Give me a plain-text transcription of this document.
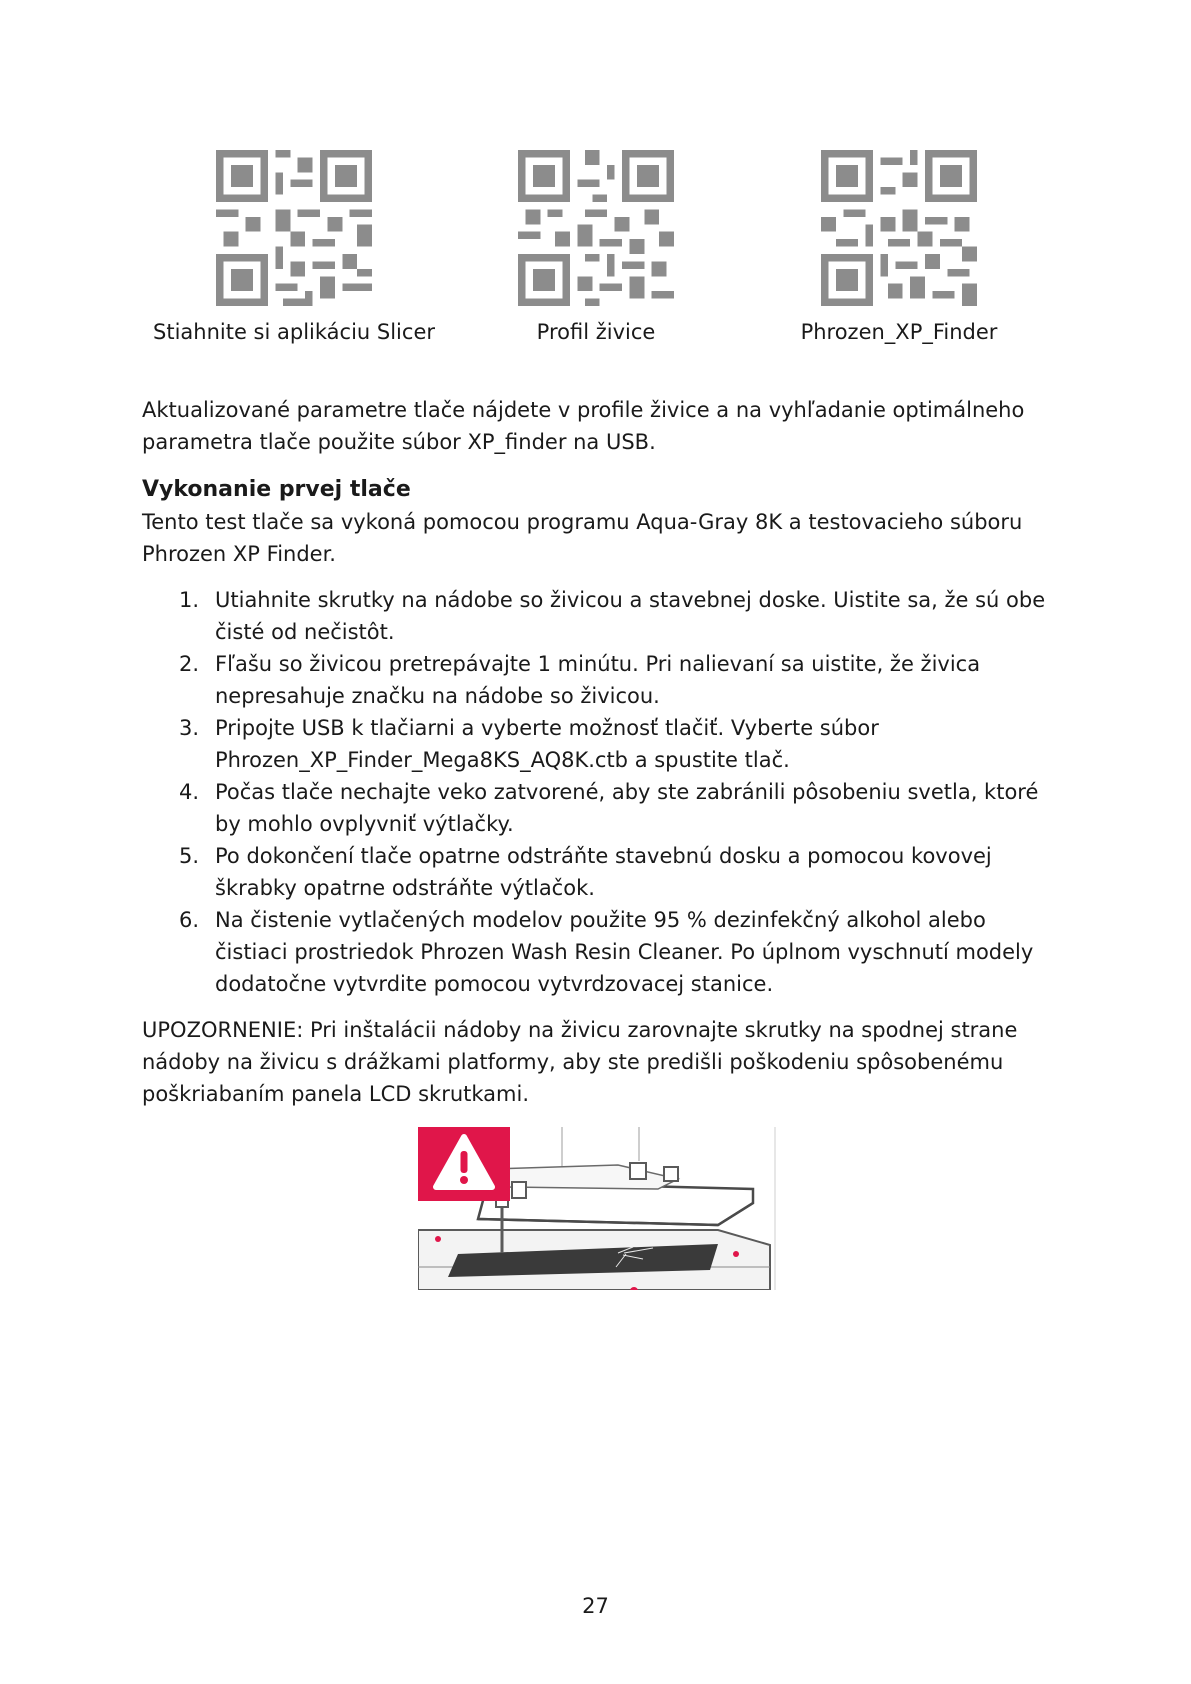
Stiahnite si aplikáciu Slicer	Profil živice	Phrozen_XP_Finder

Aktualizované parametre tlače nájdete v profile živice a na vyhľadanie optimálneho parametra tlače použite súbor XP_finder na USB.

Vykonanie prvej tlače

Tento test tlače sa vykoná pomocou programu Aqua-Gray 8K a testovacieho súboru Phrozen XP Finder.

1. Utiahnite skrutky na nádobe so živicou a stavebnej doske. Uistite sa, že sú obe čisté od nečistôt.
2. Fľašu so živicou pretrepávajte 1 minútu. Pri nalievaní sa uistite, že živica nepresahuje značku na nádobe so živicou.
3. Pripojte USB k tlačiarni a vyberte možnosť tlačiť. Vyberte súbor Phrozen_XP_Finder_Mega8KS_AQ8K.ctb a spustite tlač.
4. Počas tlače nechajte veko zatvorené, aby ste zabránili pôsobeniu svetla, ktoré by mohlo ovplyvniť výtlačky.
5. Po dokončení tlače opatrne odstráňte stavebnú dosku a pomocou kovovej škrabky opatrne odstráňte výtlačok.
6. Na čistenie vytlačených modelov použite 95 % dezinfekčný alkohol alebo čistiaci prostriedok Phrozen Wash Resin Cleaner. Po úplnom vyschnutí modely dodatočne vytvrdite pomocou vytvrdzovacej stanice.

UPOZORNENIE: Pri inštalácii nádoby na živicu zarovnajte skrutky na spodnej strane nádoby na živicu s drážkami platformy, aby ste predišli poškodeniu spôsobenému poškriabaním panela LCD skrutkami.

27
